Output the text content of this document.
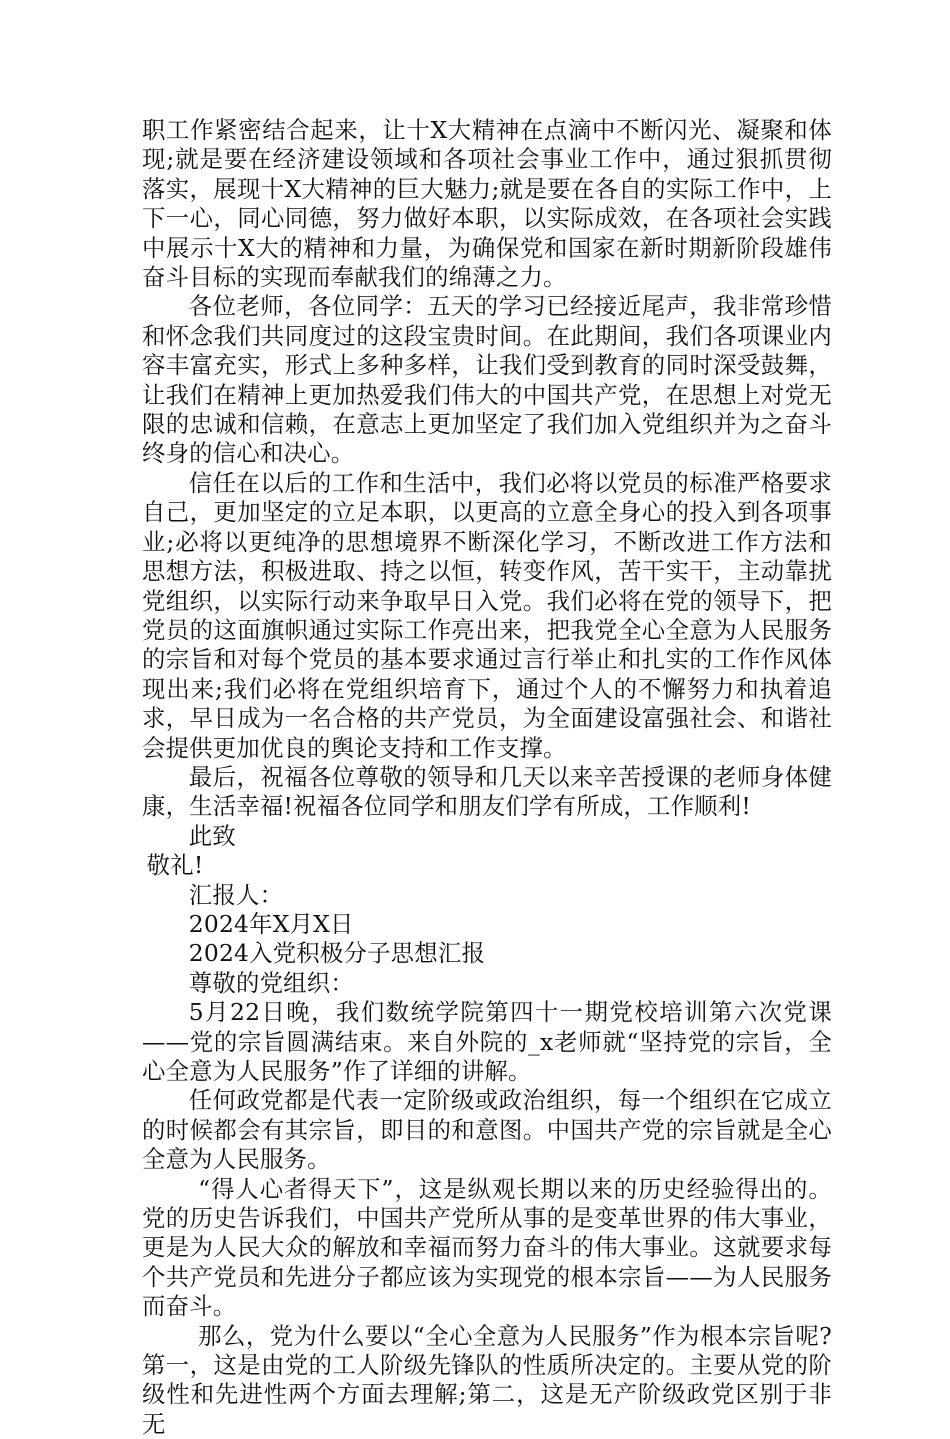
职工作紧密结合起来，让十X大精神在点滴中不断闪光、凝聚和体现;就是要在经济建设领域和各项社会事业工作中，通过狠抓贯彻落实，展现十X大精神的巨大魅力;就是要在各自的实际工作中，上下一心，同心同德，努力做好本职，以实际成效，在各项社会实践中展示十X大的精神和力量，为确保党和国家在新时期新阶段雄伟奋斗目标的实现而奉献我们的绵薄之力。

各位老师，各位同学：五天的学习已经接近尾声，我非常珍惜和怀念我们共同度过的这段宝贵时间。在此期间，我们各项课业内容丰富充实，形式上多种多样，让我们受到教育的同时深受鼓舞，让我们在精神上更加热爱我们伟大的中国共产党，在思想上对党无限的忠诚和信赖，在意志上更加坚定了我们加入党组织并为之奋斗终身的信心和决心。

信任在以后的工作和生活中，我们必将以党员的标准严格要求自己，更加坚定的立足本职，以更高的立意全身心的投入到各项事业;必将以更纯净的思想境界不断深化学习，不断改进工作方法和思想方法，积极进取、持之以恒，转变作风，苦干实干，主动靠扰党组织，以实际行动来争取早日入党。我们必将在党的领导下，把党员的这面旗帜通过实际工作亮出来，把我党全心全意为人民服务的宗旨和对每个党员的基本要求通过言行举止和扎实的工作作风体现出来;我们必将在党组织培育下，通过个人的不懈努力和执着追求，早日成为一名合格的共产党员，为全面建设富强社会、和谐社会提供更加优良的舆论支持和工作支撑。

最后，祝福各位尊敬的领导和几天以来辛苦授课的老师身体健康，生活幸福!祝福各位同学和朋友们学有所成，工作顺利!

此致

敬礼!

汇报人：

2024年X月X日

2024入党积极分子思想汇报

尊敬的党组织：

5月22日晚，我们数统学院第四十一期党校培训第六次党课——党的宗旨圆满结束。来自外院的_x老师就“坚持党的宗旨，全心全意为人民服务”作了详细的讲解。

任何政党都是代表一定阶级或政治组织，每一个组织在它成立的时候都会有其宗旨，即目的和意图。中国共产党的宗旨就是全心全意为人民服务。

“得人心者得天下”，这是纵观长期以来的历史经验得出的。党的历史告诉我们，中国共产党所从事的是变革世界的伟大事业，更是为人民大众的解放和幸福而努力奋斗的伟大事业。这就要求每个共产党员和先进分子都应该为实现党的根本宗旨——为人民服务而奋斗。

那么，党为什么要以“全心全意为人民服务”作为根本宗旨呢?第一，这是由党的工人阶级先锋队的性质所决定的。主要从党的阶级性和先进性两个方面去理解;第二，这是无产阶级政党区别于非无
